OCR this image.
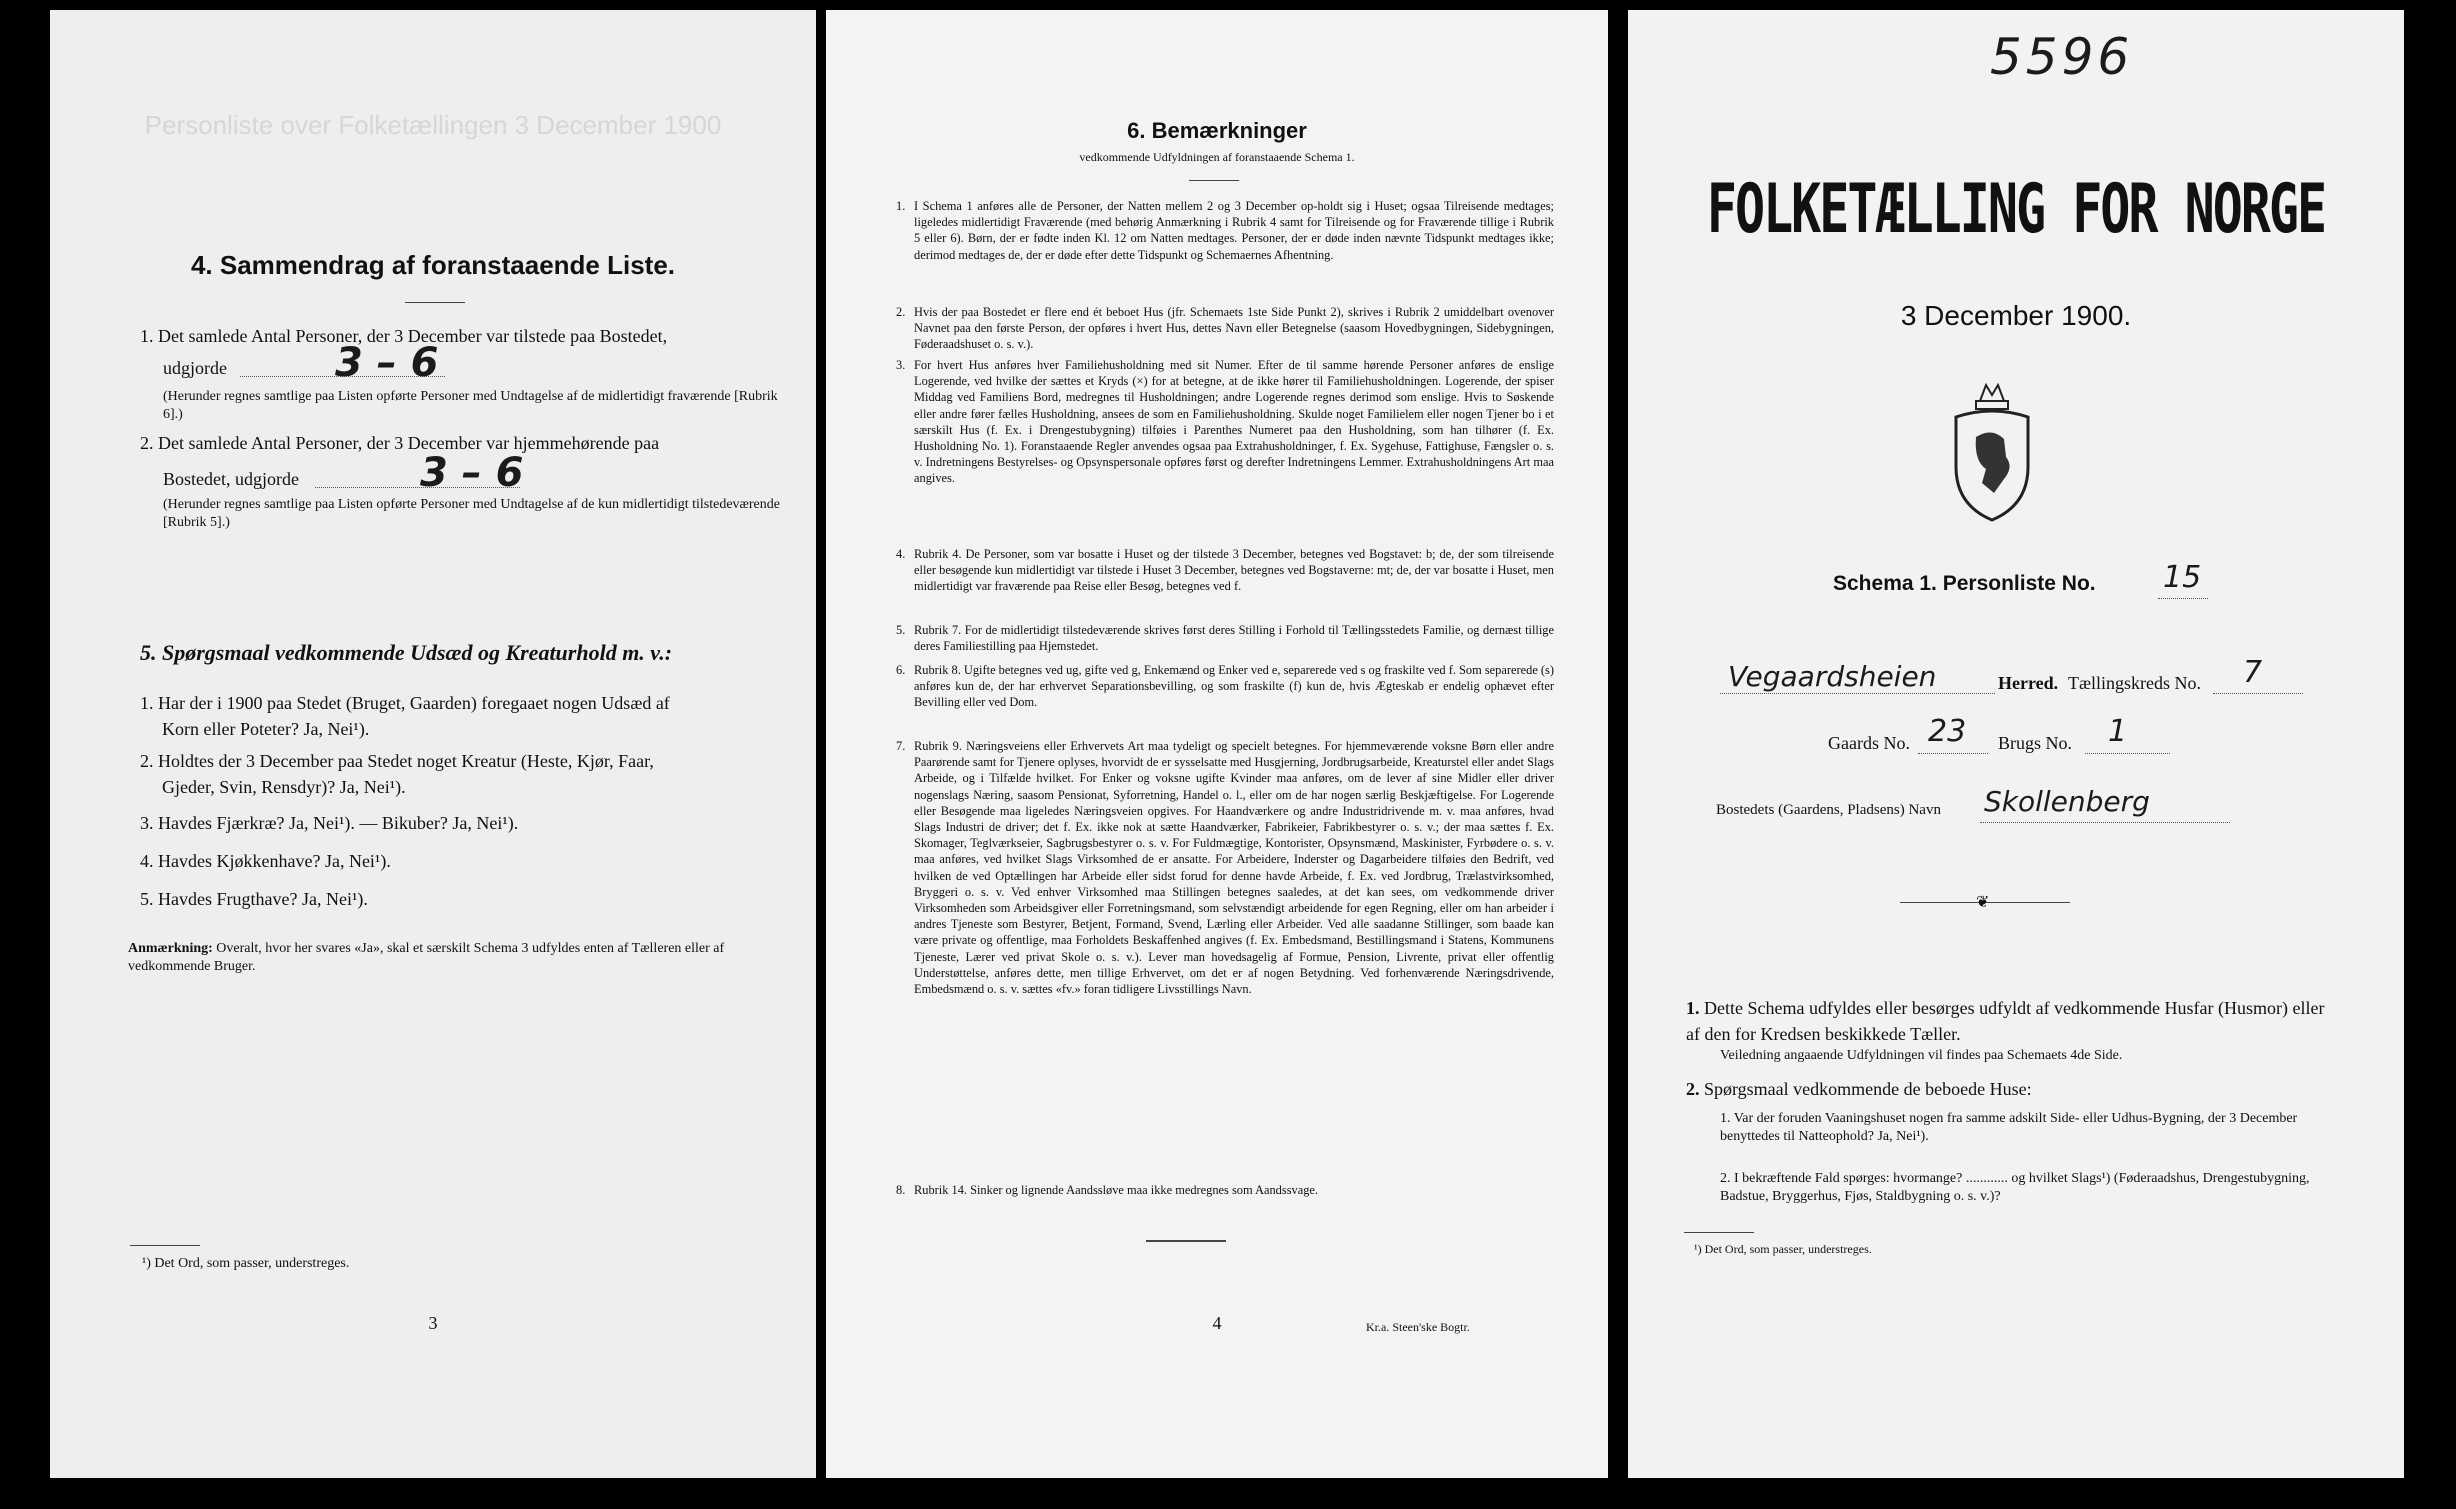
Personliste over Folketællingen 3 December 1900
4. Sammendrag af foranstaaende Liste.
1. Det samlede Antal Personer, der 3 December var tilstede paa Bostedet,
udgjorde	3 – 6
(Herunder regnes samtlige paa Listen opførte Personer med Undtagelse af de midlertidigt fraværende [Rubrik 6].)
2. Det samlede Antal Personer, der 3 December var hjemmehørende paa
Bostedet, udgjorde	3 – 6
(Herunder regnes samtlige paa Listen opførte Personer med Undtagelse af de kun midlertidigt tilstedeværende [Rubrik 5].)
5. Spørgsmaal vedkommende Udsæd og Kreaturhold m. v.:
1. Har der i 1900 paa Stedet (Bruget, Gaarden) foregaaet nogen Udsæd af
Korn eller Poteter? Ja, Nei¹).
2. Holdtes der 3 December paa Stedet noget Kreatur (Heste, Kjør, Faar,
Gjeder, Svin, Rensdyr)? Ja, Nei¹).
3. Havdes Fjærkræ? Ja, Nei¹). — Bikuber? Ja, Nei¹).
4. Havdes Kjøkkenhave? Ja, Nei¹).
5. Havdes Frugthave? Ja, Nei¹).
Anmærkning: Overalt, hvor her svares «Ja», skal et særskilt Schema 3 udfyldes enten af Tælleren eller af vedkommende Bruger.
¹) Det Ord, som passer, understreges.
3
6. Bemærkninger
vedkommende Udfyldningen af foranstaaende Schema 1.
1. I Schema 1 anføres alle de Personer, der Natten mellem 2 og 3 December op-holdt sig i Huset; ogsaa Tilreisende medtages; ligeledes midlertidigt Fraværende (med behørig Anmærkning i Rubrik 4 samt for Tilreisende og for Fraværende tillige i Rubrik 5 eller 6). Børn, der er fødte inden Kl. 12 om Natten medtages. Personer, der er døde inden nævnte Tidspunkt medtages ikke; derimod medtages de, der er døde efter dette Tidspunkt og Schemaernes Afhentning.
2. Hvis der paa Bostedet er flere end ét beboet Hus (jfr. Schemaets 1ste Side Punkt 2), skrives i Rubrik 2 umiddelbart ovenover Navnet paa den første Person, der opføres i hvert Hus, dettes Navn eller Betegnelse (saasom Hovedbygningen, Sidebygningen, Føderaadshuset o. s. v.).
3. For hvert Hus anføres hver Familiehusholdning med sit Numer. Efter de til samme hørende Personer anføres de enslige Logerende, ved hvilke der sættes et Kryds (×) for at betegne, at de ikke hører til Familiehusholdningen. Logerende, der spiser Middag ved Familiens Bord, medregnes til Husholdningen; andre Logerende regnes derimod som enslige. Hvis to Søskende eller andre fører fælles Husholdning, ansees de som en Familiehusholdning. Skulde noget Familielem eller nogen Tjener bo i et særskilt Hus (f. Ex. i Drengestubygning) tilføies i Parenthes Numeret paa den Husholdning, som han tilhører (f. Ex. Husholdning No. 1). Foranstaaende Regler anvendes ogsaa paa Extrahusholdninger, f. Ex. Sygehuse, Fattighuse, Fængsler o. s. v. Indretningens Bestyrelses- og Opsynspersonale opføres først og derefter Indretningens Lemmer. Extrahusholdningens Art maa angives.
4. Rubrik 4. De Personer, som var bosatte i Huset og der tilstede 3 December, betegnes ved Bogstavet: b; de, der som tilreisende eller besøgende kun midlertidigt var tilstede i Huset 3 December, betegnes ved Bogstaverne: mt; de, der var bosatte i Huset, men midlertidigt var fraværende paa Reise eller Besøg, betegnes ved f.
5. Rubrik 7. For de midlertidigt tilstedeværende skrives først deres Stilling i Forhold til Tællingsstedets Familie, og dernæst tillige deres Familiestilling paa Hjemstedet.
6. Rubrik 8. Ugifte betegnes ved ug, gifte ved g, Enkemænd og Enker ved e, separerede ved s og fraskilte ved f. Som separerede (s) anføres kun de, der har erhvervet Separationsbevilling, og som fraskilte (f) kun de, hvis Ægteskab er endelig ophævet efter Bevilling eller ved Dom.
7. Rubrik 9. Næringsveiens eller Erhvervets Art maa tydeligt og specielt betegnes. For hjemmeværende voksne Børn eller andre Paarørende samt for Tjenere oplyses, hvorvidt de er sysselsatte med Husgjerning, Jordbrugsarbeide, Kreaturstel eller andet Slags Arbeide, og i Tilfælde hvilket. For Enker og voksne ugifte Kvinder maa anføres, om de lever af sine Midler eller driver nogenslags Næring, saasom Pensionat, Syforretning, Handel o. l., eller om de har nogen særlig Beskjæftigelse. For Logerende eller Besøgende maa ligeledes Næringsveien opgives. For Haandværkere og andre Industridrivende m. v. maa anføres, hvad Slags Industri de driver; det f. Ex. ikke nok at sætte Haandværker, Fabrikeier, Fabrikbestyrer o. s. v.; der maa sættes f. Ex. Skomager, Teglværkseier, Sagbrugsbestyrer o. s. v. For Fuldmægtige, Kontorister, Opsynsmænd, Maskinister, Fyrbødere o. s. v. maa anføres, ved hvilket Slags Virksomhed de er ansatte. For Arbeidere, Inderster og Dagarbeidere tilføies den Bedrift, ved hvilken de ved Optællingen har Arbeide eller sidst forud for denne havde Arbeide, f. Ex. ved Jordbrug, Trælastvirksomhed, Bryggeri o. s. v. Ved enhver Virksomhed maa Stillingen betegnes saaledes, at det kan sees, om vedkommende driver Virksomheden som Arbeidsgiver eller Forretningsmand, som selvstændigt arbeidende for egen Regning, eller om han arbeider i andres Tjeneste som Bestyrer, Betjent, Formand, Svend, Lærling eller Arbeider. Ved alle saadanne Stillinger, som baade kan være private og offentlige, maa Forholdets Beskaffenhed angives (f. Ex. Embedsmand, Bestillingsmand i Statens, Kommunens Tjeneste, Lærer ved privat Skole o. s. v.). Lever man hovedsagelig af Formue, Pension, Livrente, privat eller offentlig Understøttelse, anføres dette, men tillige Erhvervet, om det er af nogen Betydning. Ved forhenværende Næringsdrivende, Embedsmænd o. s. v. sættes «fv.» foran tidligere Livsstillings Navn.
8. Rubrik 14. Sinker og lignende Aandssløve maa ikke medregnes som Aandssvage.
4	Kr.a. Steen'ske Bogtr.
5596
FOLKETÆLLING FOR NORGE
3 December 1900.
Schema 1. Personliste No. 15
Vegaardsheien	Herred. Tællingskreds No. 7
Gaards No. 23 Brugs No. 1
Bostedets (Gaardens, Pladsens) Navn Skollenberg
❦
1. Dette Schema udfyldes eller besørges udfyldt af vedkommende Husfar (Husmor) eller af den for Kredsen beskikkede Tæller.
Veiledning angaaende Udfyldningen vil findes paa Schemaets 4de Side.
2. Spørgsmaal vedkommende de beboede Huse:
1. Var der foruden Vaaningshuset nogen fra samme adskilt Side- eller Udhus-Bygning, der 3 December benyttedes til Natteophold? Ja, Nei¹).
2. I bekræftende Fald spørges: hvormange? ............ og hvilket Slags¹) (Føderaadshus, Drengestubygning, Badstue, Bryggerhus, Fjøs, Staldbygning o. s. v.)?
¹) Det Ord, som passer, understreges.
